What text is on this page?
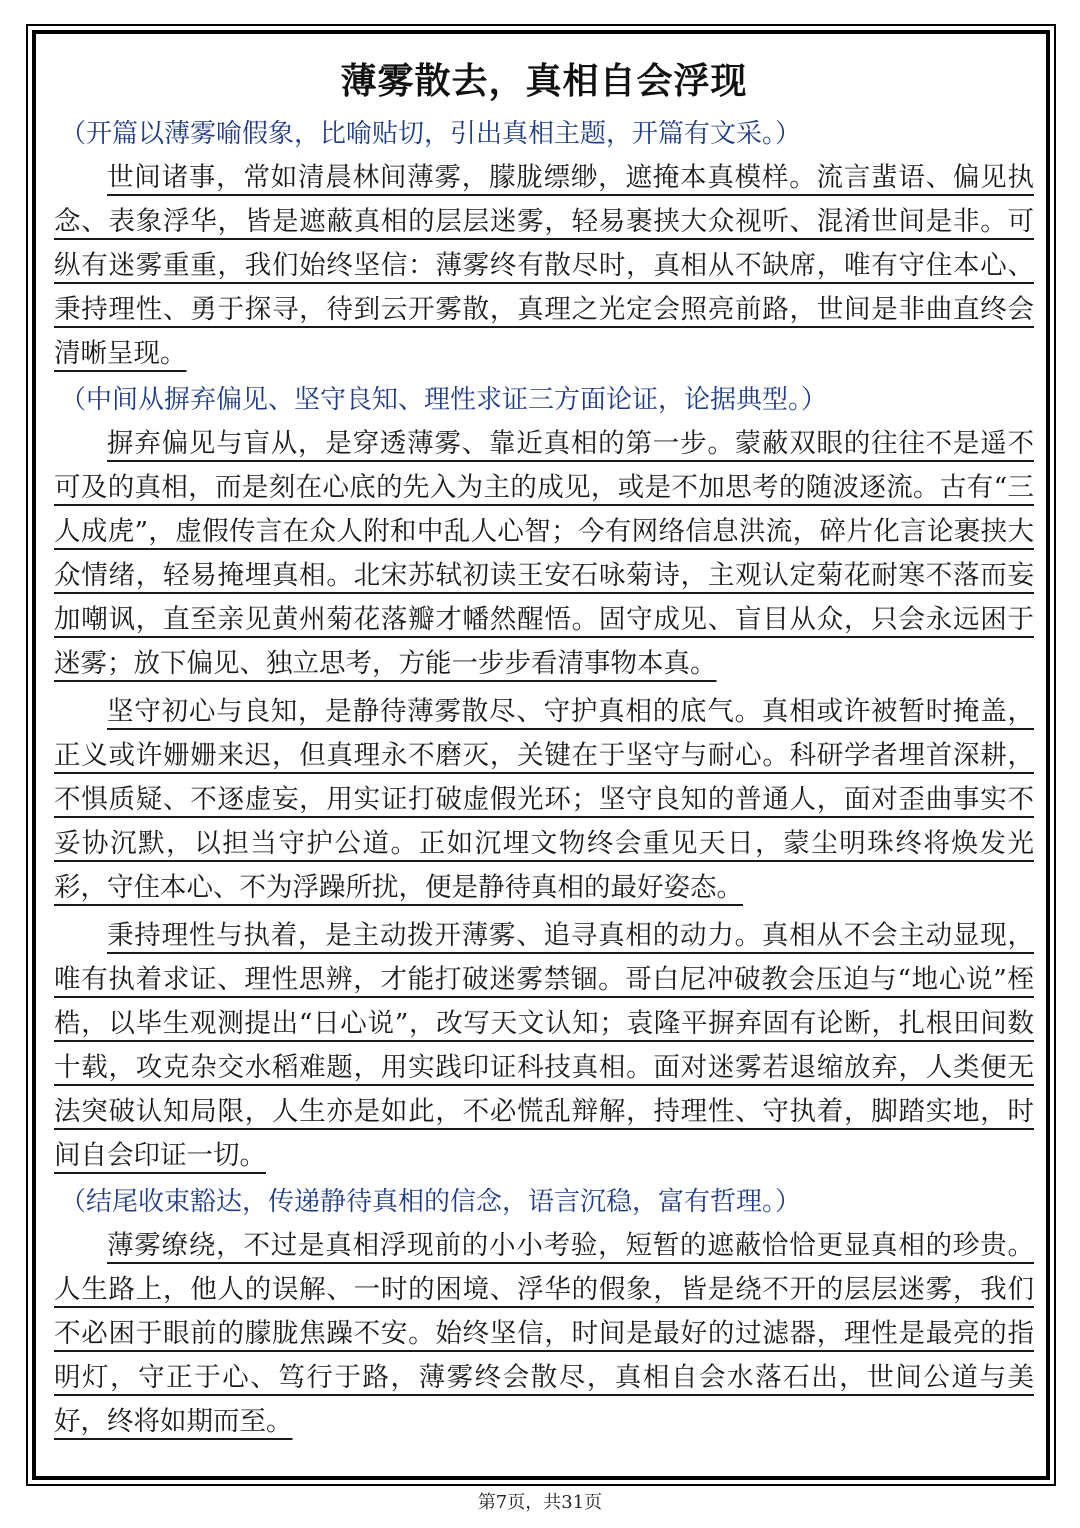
薄雾散去，真相自会浮现
（开篇以薄雾喻假象，比喻贴切，引出真相主题，开篇有文采。）

世间诸事，常如清晨林间薄雾，朦胧缥缈，遮掩本真模样。流言蜚语、偏见执念、表象浮华，皆是遮蔽真相的层层迷雾，轻易裹挟大众视听、混淆世间是非。可纵有迷雾重重，我们始终坚信：薄雾终有散尽时，真相从不缺席，唯有守住本心、秉持理性、勇于探寻，待到云开雾散，真理之光定会照亮前路，世间是非曲直终会清晰呈现。

（中间从摒弃偏见、坚守良知、理性求证三方面论证，论据典型。）

摒弃偏见与盲从，是穿透薄雾、靠近真相的第一步。蒙蔽双眼的往往不是遥不可及的真相，而是刻在心底的先入为主的成见，或是不加思考的随波逐流。古有“三人成虎”，虚假传言在众人附和中乱人心智；今有网络信息洪流，碎片化言论裹挟大众情绪，轻易掩埋真相。北宋苏轼初读王安石咏菊诗，主观认定菊花耐寒不落而妄加嘲讽，直至亲见黄州菊花落瓣才幡然醒悟。固守成见、盲目从众，只会永远困于迷雾；放下偏见、独立思考，方能一步步看清事物本真。

坚守初心与良知，是静待薄雾散尽、守护真相的底气。真相或许被暂时掩盖，正义或许姗姗来迟，但真理永不磨灭，关键在于坚守与耐心。科研学者埋首深耕，不惧质疑、不逐虚妄，用实证打破虚假光环；坚守良知的普通人，面对歪曲事实不妥协沉默，以担当守护公道。正如沉埋文物终会重见天日，蒙尘明珠终将焕发光彩，守住本心、不为浮躁所扰，便是静待真相的最好姿态。

秉持理性与执着，是主动拨开薄雾、追寻真相的动力。真相从不会主动显现，唯有执着求证、理性思辨，才能打破迷雾禁锢。哥白尼冲破教会压迫与“地心说”桎梏，以毕生观测提出“日心说”，改写天文认知；袁隆平摒弃固有论断，扎根田间数十载，攻克杂交水稻难题，用实践印证科技真相。面对迷雾若退缩放弃，人类便无法突破认知局限，人生亦是如此，不必慌乱辩解，持理性、守执着，脚踏实地，时间自会印证一切。

（结尾收束豁达，传递静待真相的信念，语言沉稳，富有哲理。）

薄雾缭绕，不过是真相浮现前的小小考验，短暂的遮蔽恰恰更显真相的珍贵。人生路上，他人的误解、一时的困境、浮华的假象，皆是绕不开的层层迷雾，我们不必困于眼前的朦胧焦躁不安。始终坚信，时间是最好的过滤器，理性是最亮的指明灯，守正于心、笃行于路，薄雾终会散尽，真相自会水落石出，世间公道与美好，终将如期而至。

第7页，共31页
